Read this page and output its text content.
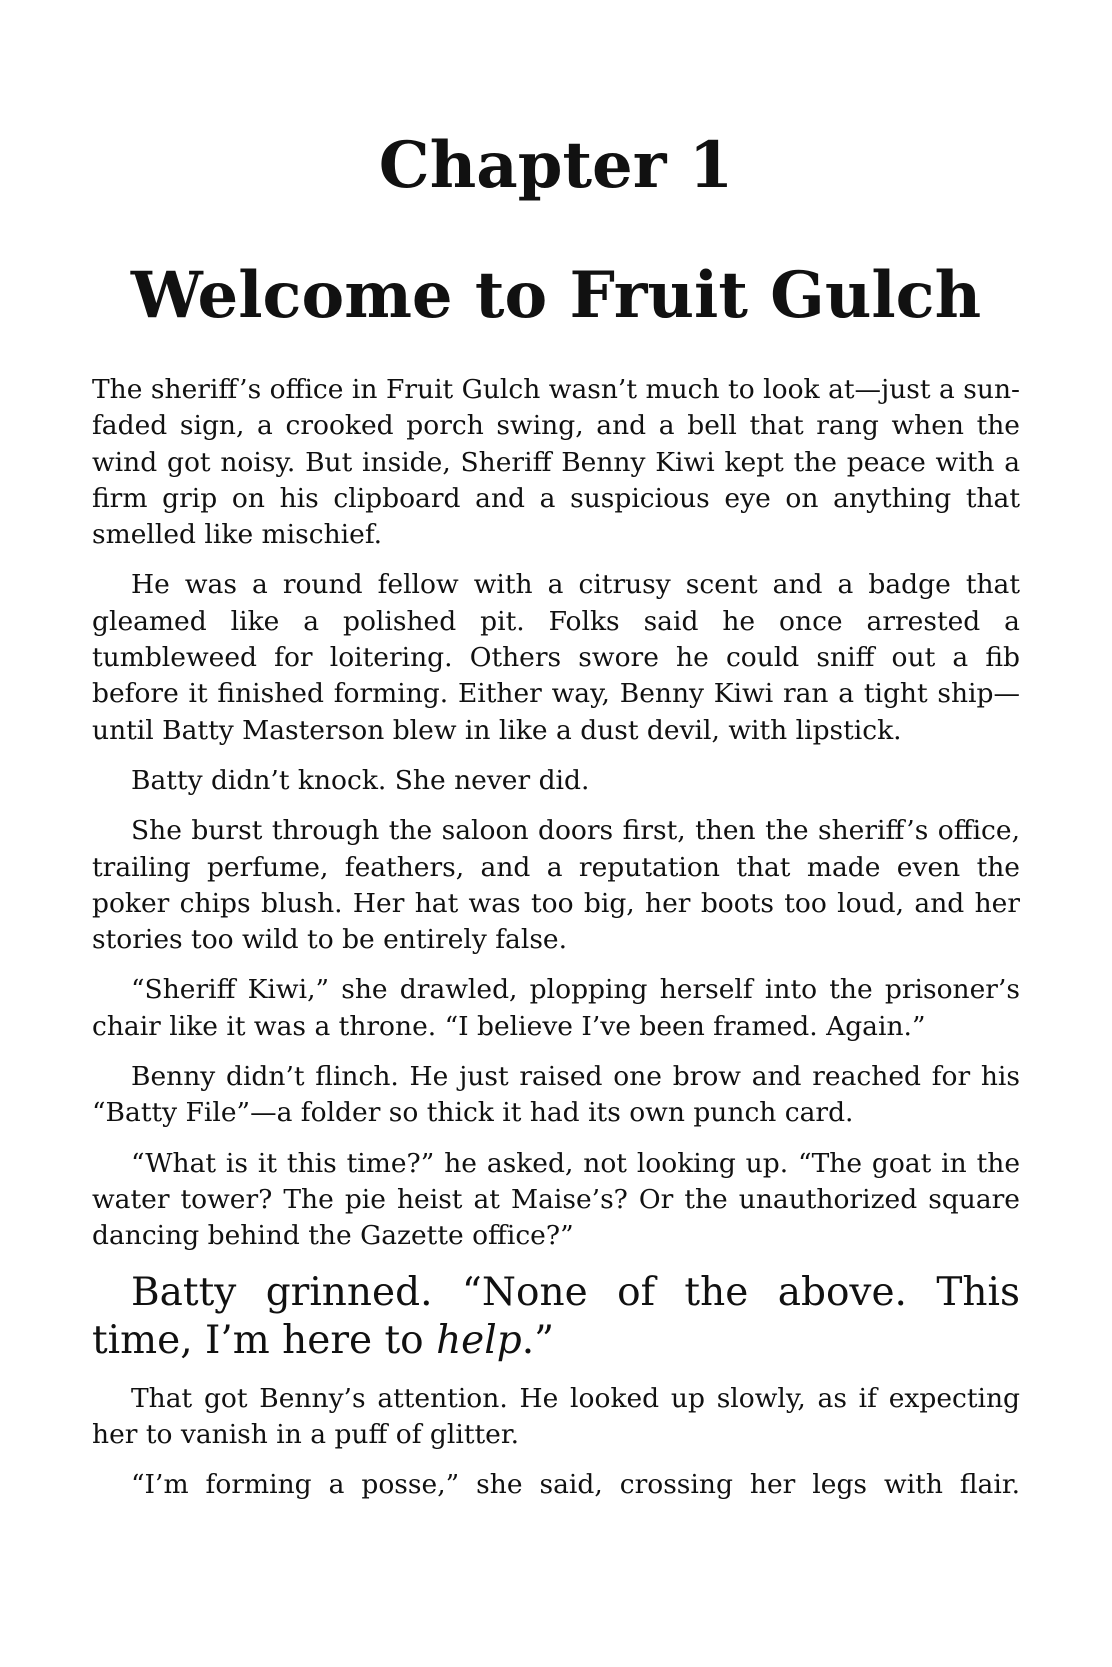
Chapter 1
Welcome to Fruit Gulch

The sheriff’s office in Fruit Gulch wasn’t much to look at—just a sun-faded sign, a crooked porch swing, and a bell that rang when the wind got noisy. But inside, Sheriff Benny Kiwi kept the peace with a firm grip on his clipboard and a suspicious eye on anything that smelled like mischief.

He was a round fellow with a citrusy scent and a badge that gleamed like a polished pit. Folks said he once arrested a tumbleweed for loitering. Others swore he could sniff out a fib before it finished forming. Either way, Benny Kiwi ran a tight ship—until Batty Masterson blew in like a dust devil, with lipstick.

Batty didn’t knock. She never did.

She burst through the saloon doors first, then the sheriff’s office, trailing perfume, feathers, and a reputation that made even the poker chips blush. Her hat was too big, her boots too loud, and her stories too wild to be entirely false.

“Sheriff Kiwi,” she drawled, plopping herself into the prisoner’s chair like it was a throne. “I believe I’ve been framed. Again.”

Benny didn’t flinch. He just raised one brow and reached for his “Batty File”—a folder so thick it had its own punch card.

“What is it this time?” he asked, not looking up. “The goat in the water tower? The pie heist at Maise’s? Or the unauthorized square dancing behind the Gazette office?”

Batty grinned. “None of the above. This time, I’m here to help.”

That got Benny’s attention. He looked up slowly, as if expecting her to vanish in a puff of glitter.

“I’m forming a posse,” she said, crossing her legs with flair.
